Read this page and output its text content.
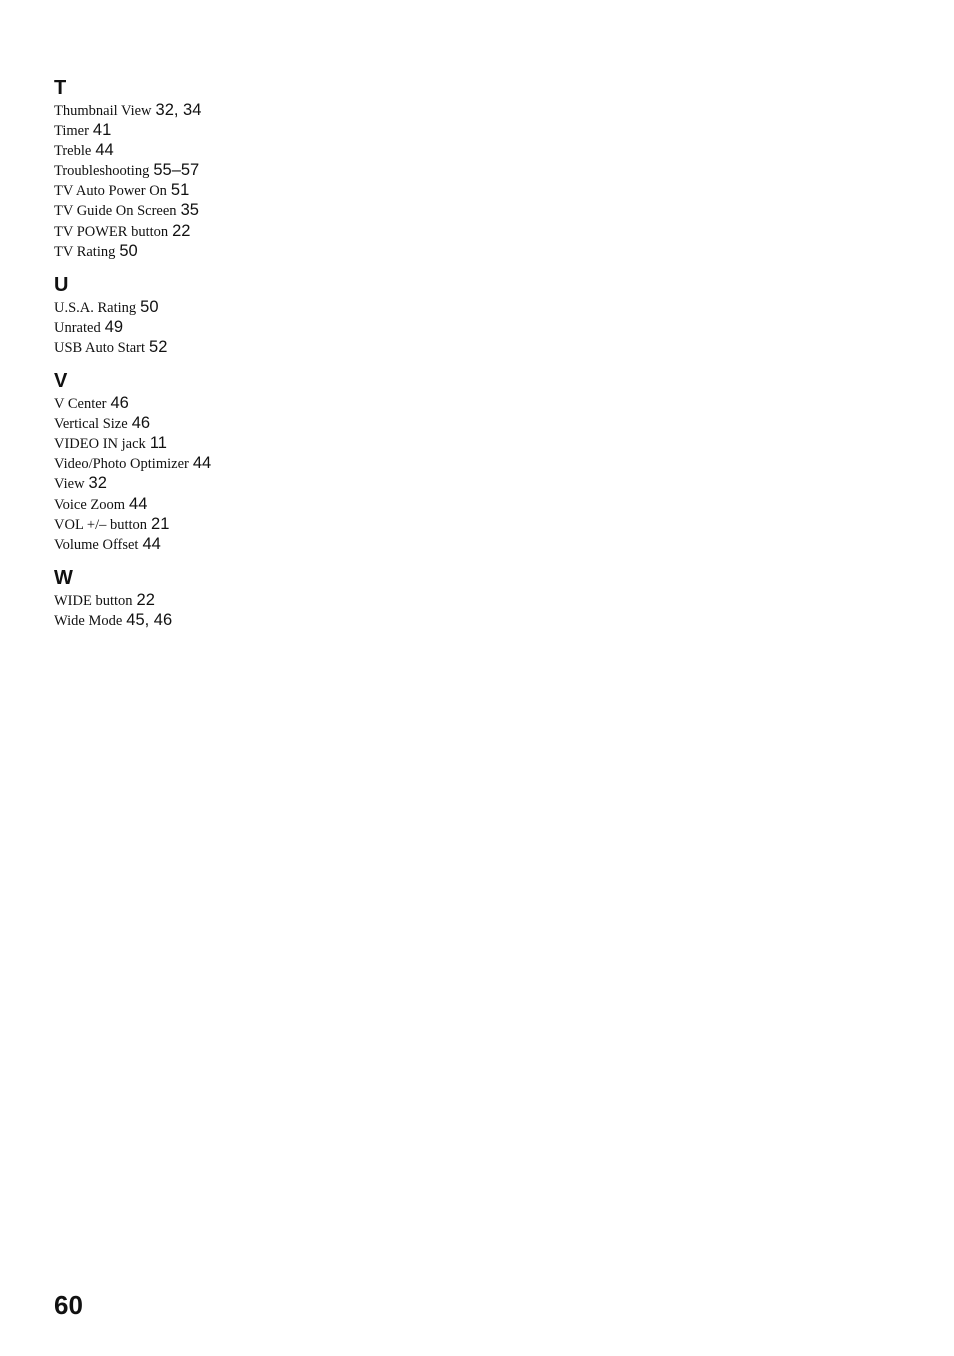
T
Thumbnail View 32, 34
Timer 41
Treble 44
Troubleshooting 55–57
TV Auto Power On 51
TV Guide On Screen 35
TV POWER button 22
TV Rating 50
U
U.S.A. Rating 50
Unrated 49
USB Auto Start 52
V
V Center 46
Vertical Size 46
VIDEO IN jack 11
Video/Photo Optimizer 44
View 32
Voice Zoom 44
VOL +/– button 21
Volume Offset 44
W
WIDE button 22
Wide Mode 45, 46
60
